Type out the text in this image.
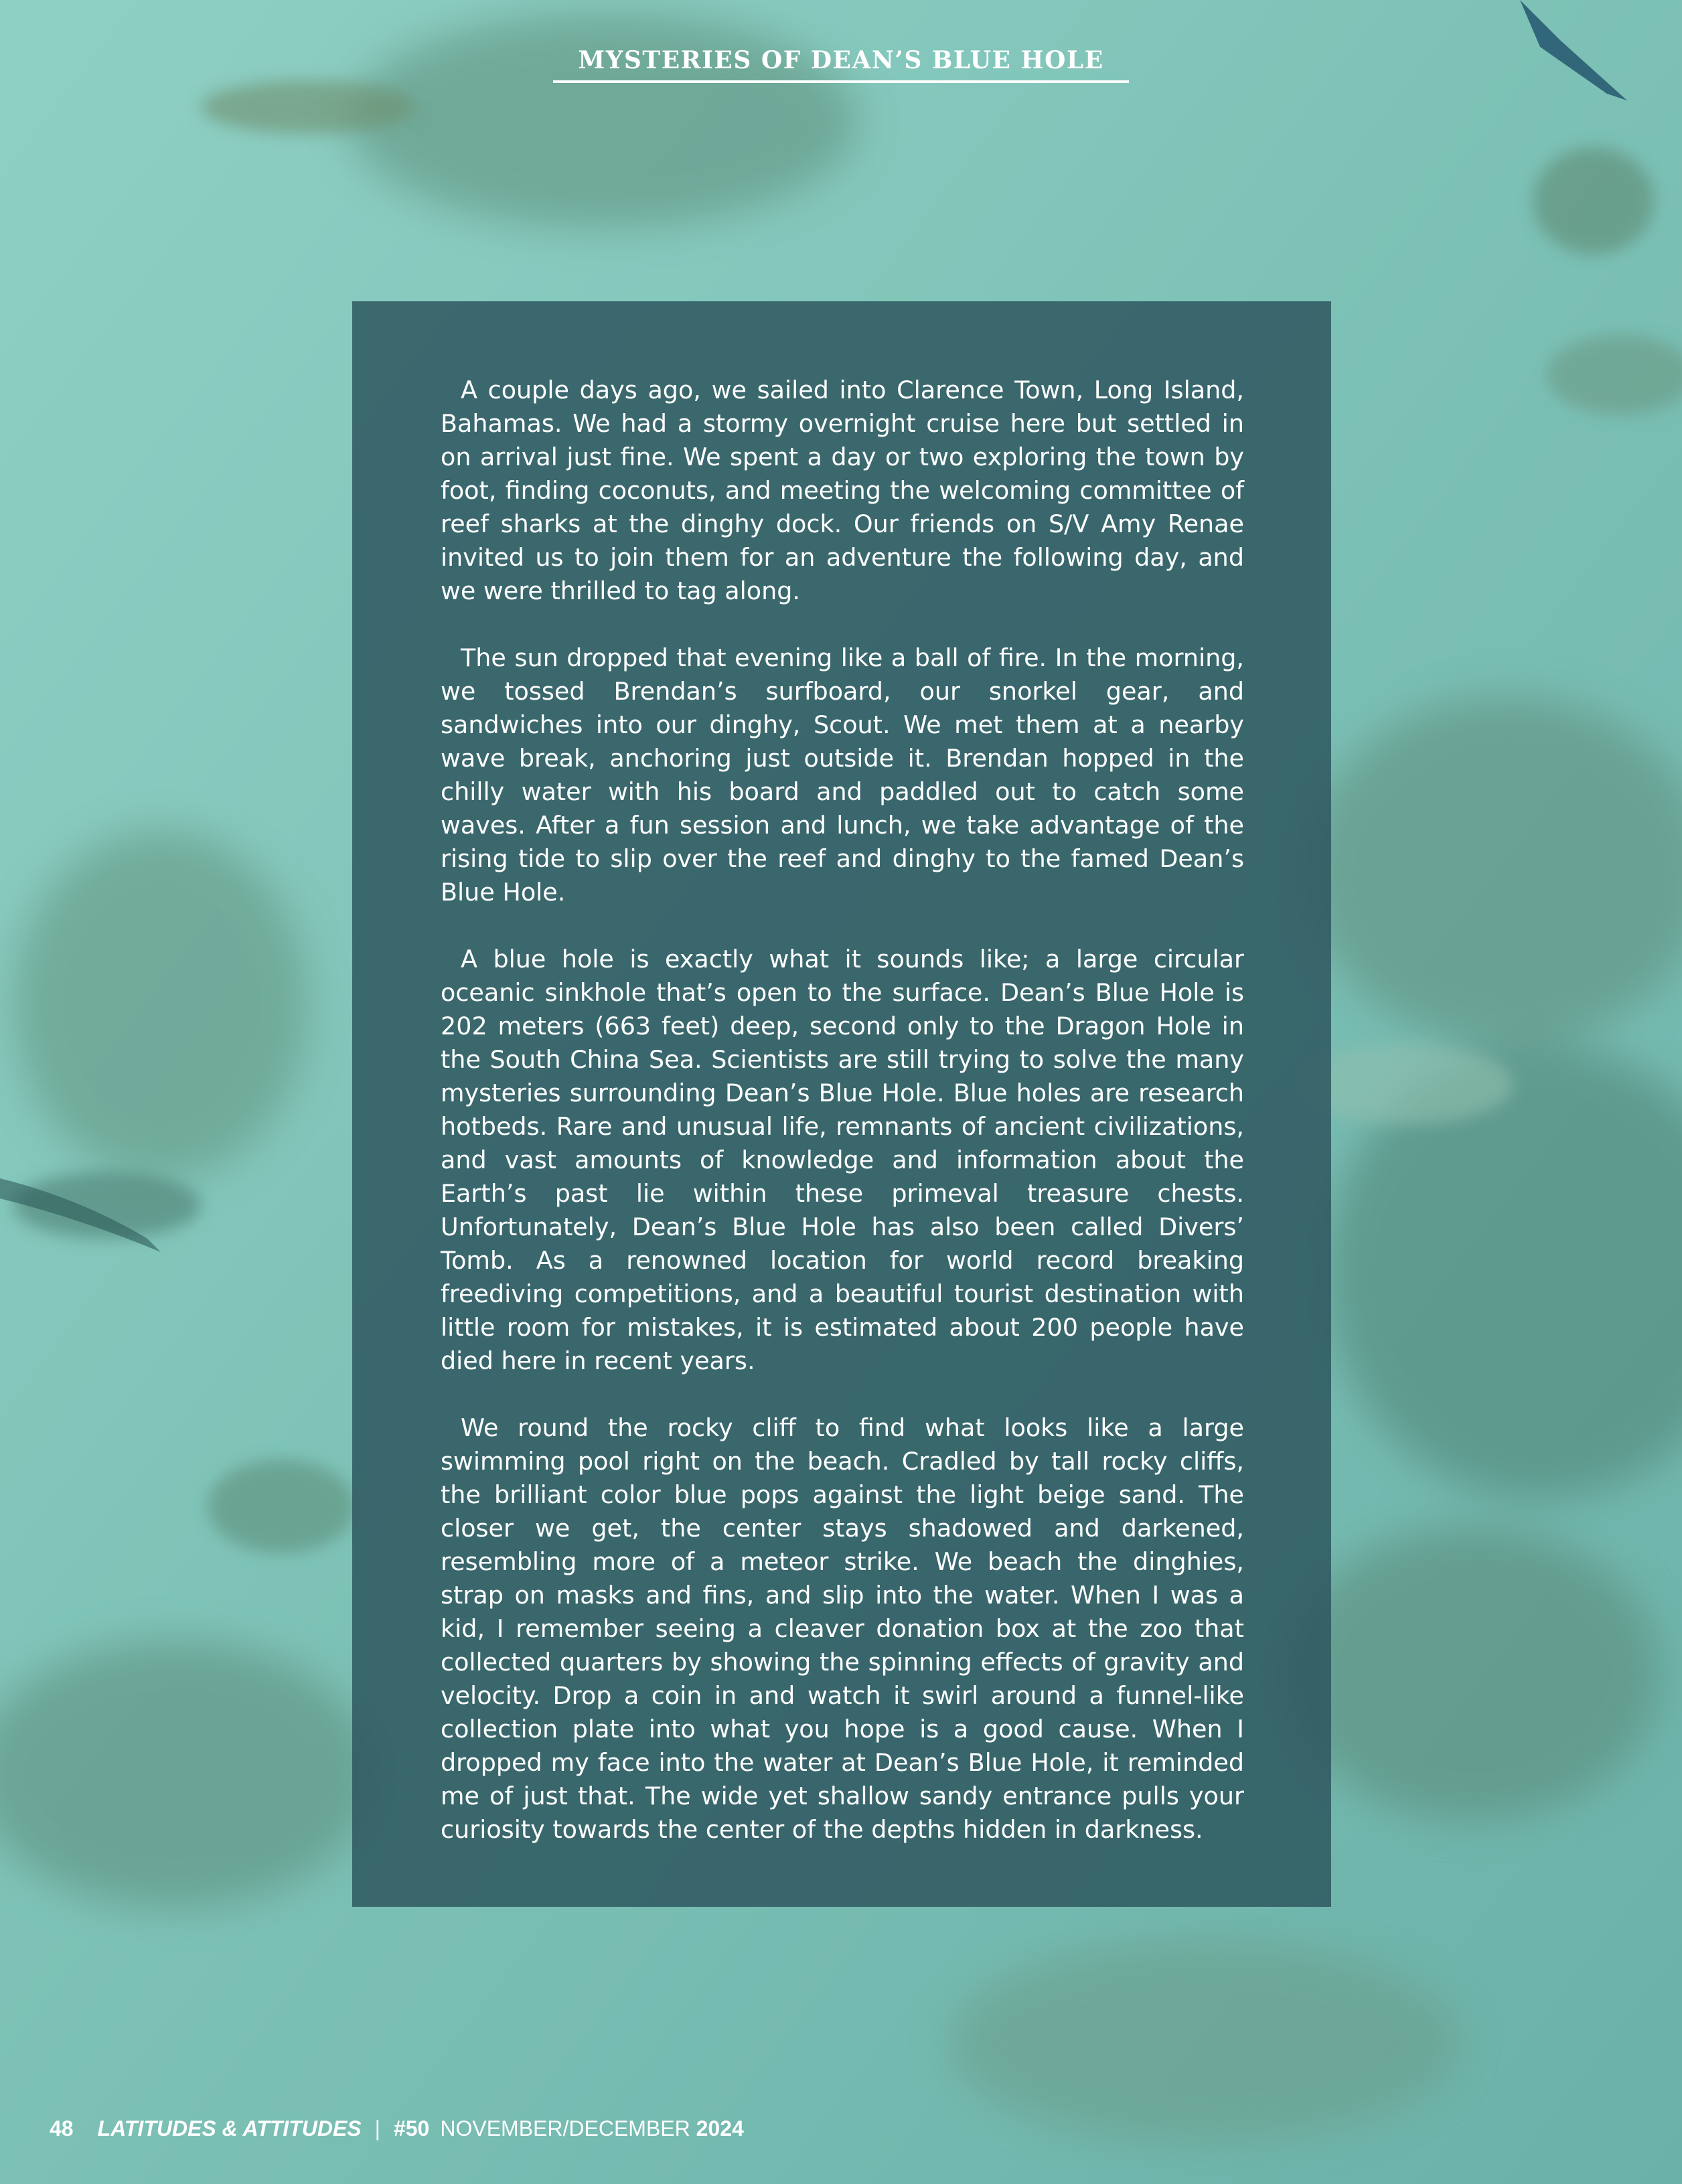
MYSTERIES OF DEAN’S BLUE HOLE

A couple days ago, we sailed into Clarence Town, Long Island, Bahamas. We had a stormy overnight cruise here but settled in on arrival just fine. We spent a day or two exploring the town by foot, finding coconuts, and meeting the welcoming committee of reef sharks at the dinghy dock. Our friends on S/V Amy Renae invited us to join them for an adventure the following day, and we were thrilled to tag along.

The sun dropped that evening like a ball of fire. In the morning, we tossed Brendan’s surfboard, our snorkel gear, and sandwiches into our dinghy, Scout. We met them at a nearby wave break, anchoring just outside it. Brendan hopped in the chilly water with his board and paddled out to catch some waves. After a fun session and lunch, we take advantage of the rising tide to slip over the reef and dinghy to the famed Dean’s Blue Hole.

A blue hole is exactly what it sounds like; a large circular oceanic sinkhole that’s open to the surface. Dean’s Blue Hole is 202 meters (663 feet) deep, second only to the Dragon Hole in the South China Sea. Scientists are still trying to solve the many mysteries surrounding Dean’s Blue Hole. Blue holes are research hotbeds. Rare and unusual life, remnants of ancient civilizations, and vast amounts of knowledge and information about the Earth’s past lie within these primeval treasure chests. Unfortunately, Dean’s Blue Hole has also been called Divers’ Tomb. As a renowned location for world record breaking freediving competitions, and a beautiful tourist destination with little room for mistakes, it is estimated about 200 people have died here in recent years.

We round the rocky cliff to find what looks like a large swimming pool right on the beach. Cradled by tall rocky cliffs, the brilliant color blue pops against the light beige sand. The closer we get, the center stays shadowed and darkened, resembling more of a meteor strike. We beach the dinghies, strap on masks and fins, and slip into the water. When I was a kid, I remember seeing a cleaver donation box at the zoo that collected quarters by showing the spinning effects of gravity and velocity. Drop a coin in and watch it swirl around a funnel-like collection plate into what you hope is a good cause. When I dropped my face into the water at Dean’s Blue Hole, it reminded me of just that. The wide yet shallow sandy entrance pulls your curiosity towards the center of the depths hidden in darkness.

48 LATITUDES & ATTITUDES | #50 NOVEMBER/DECEMBER 2024
